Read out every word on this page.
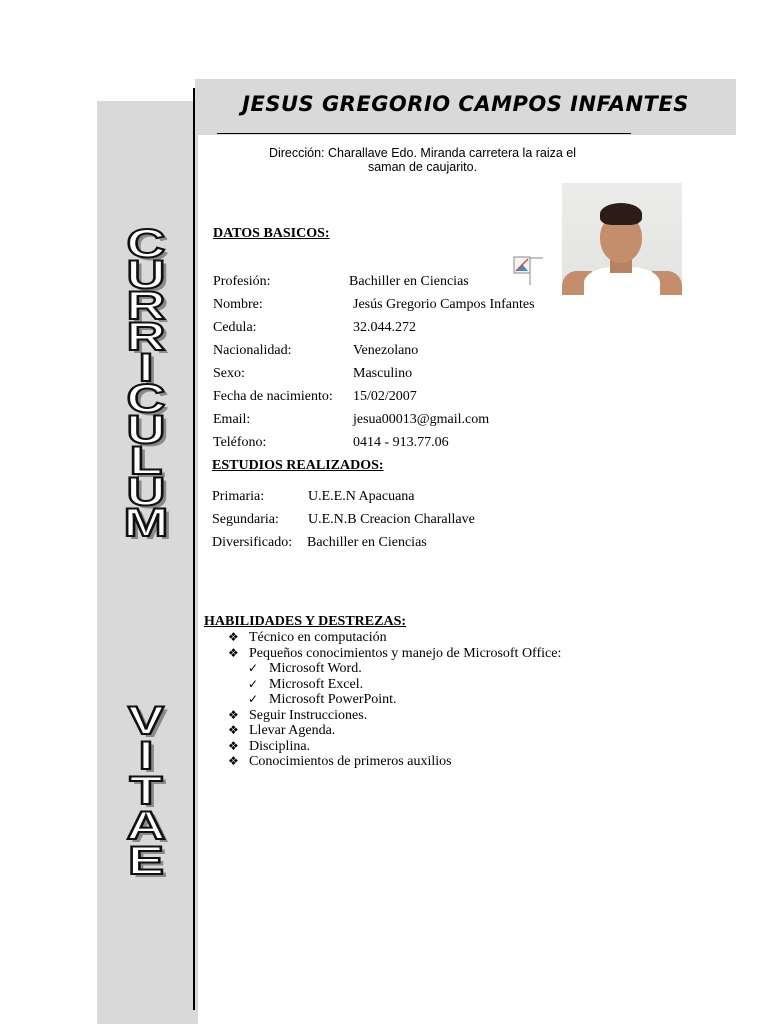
C
U
R
R
I
C
U
L
U
M
V
I
T
A
E
JESUS GREGORIO CAMPOS INFANTES

Dirección: Charallave Edo. Miranda carretera la raiza el saman de caujarito.

DATOS BASICOS:
Profesión:	Bachiller en Ciencias
Nombre:	Jesús Gregorio Campos Infantes
Cedula:	32.044.272
Nacionalidad:	Venezolano
Sexo:	Masculino
Fecha de nacimiento: 15/02/2007
Email:	jesua00013@gmail.com
Teléfono:	0414 - 913.77.06
ESTUDIOS REALIZADOS:
Primaria:	U.E.E.N Apacuana
Segundaria: U.E.N.B Creacion Charallave
Diversificado: Bachiller en Ciencias
HABILIDADES Y DESTREZAS:
❖ Técnico en computación
❖ Pequeños conocimientos y manejo de Microsoft Office:
✓ Microsoft Word.
✓ Microsoft Excel.
✓ Microsoft PowerPoint.
❖ Seguir Instrucciones.
❖ Llevar Agenda.
❖ Disciplina.
❖ Conocimientos de primeros auxilios
